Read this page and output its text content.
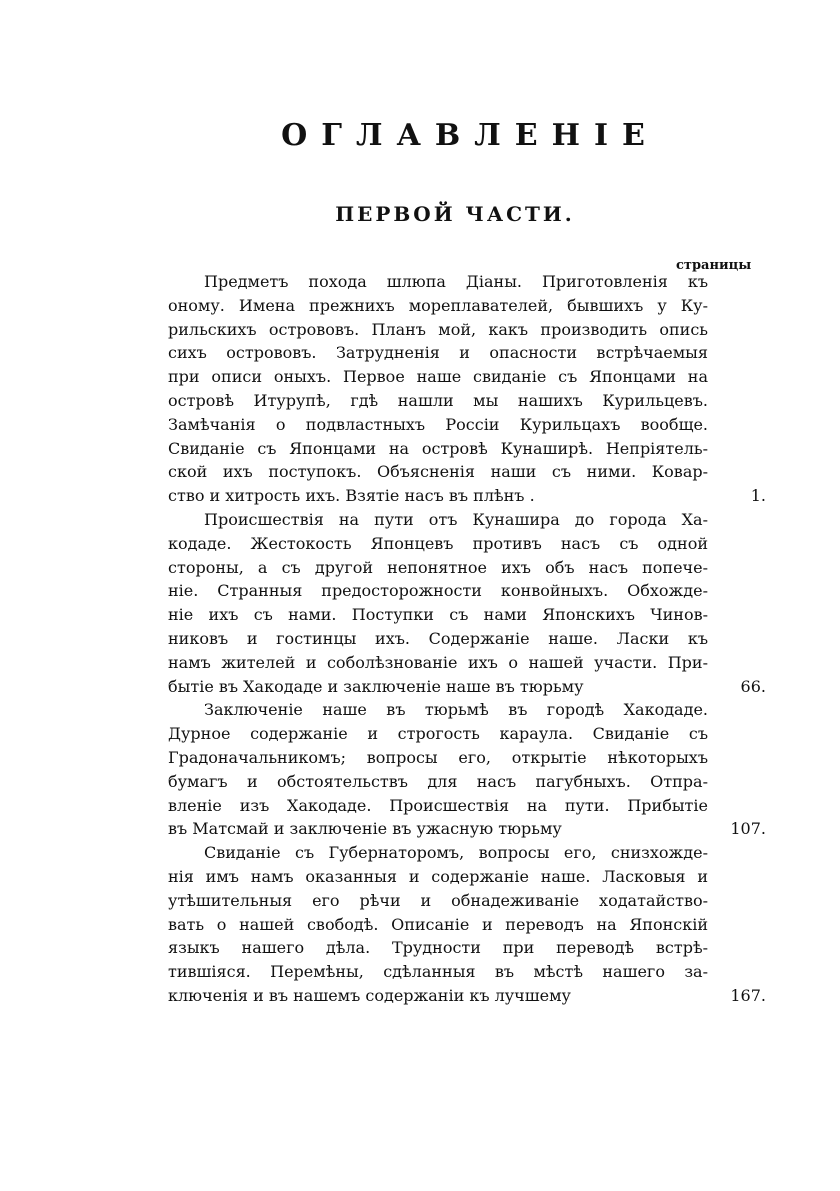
ОГЛАВЛЕНІЕ
ПЕРВОЙ ЧАСТИ.
страницы
Предметъ похода шлюпа Діаны. Приготовленія къ
оному. Имена прежнихъ мореплавателей, бывшихъ у Ку-
рильскихъ острововъ. Планъ мой, какъ производить опись
сихъ острововъ. Затрудненія и опасности встрѣчаемыя
при описи оныхъ. Первое наше свиданіе съ Японцами на
островѣ Итурупѣ, гдѣ нашли мы нашихъ Курильцевъ.
Замѣчанія о подвластныхъ Россіи Курильцахъ вообще.
Свиданіе съ Японцами на островѣ Кунаширѣ. Непріятель-
ской ихъ поступокъ. Объясненія наши съ ними. Ковар-
ство и хитрость ихъ. Взятіе насъ въ плѣнъ .	1.
Происшествія на пути отъ Кунашира до города Ха-
кодаде. Жестокость Японцевъ противъ насъ съ одной
стороны, а съ другой непонятное ихъ объ насъ попече-
ніе. Странныя предосторожности конвойныхъ. Обхожде-
ніе ихъ съ нами. Поступки съ нами Японскихъ Чинов-
никовъ и гостинцы ихъ. Содержаніе наше. Ласки къ
намъ жителей и соболѣзнованіе ихъ о нашей участи. При-
бытіе въ Хакодаде и заключеніе наше въ тюрьму	66.
Заключеніе наше въ тюрьмѣ въ городѣ Хакодаде.
Дурное содержаніе и строгость караула. Свиданіе съ
Градоначальникомъ; вопросы его, открытіе нѣкоторыхъ
бумагъ и обстоятельствъ для насъ пагубныхъ. Отпра-
вленіе изъ Хакодаде. Происшествія на пути. Прибытіе
въ Матсмай и заключеніе въ ужасную тюрьму	107.
Свиданіе съ Губернаторомъ, вопросы его, снизхожде-
нія имъ намъ оказанныя и содержаніе наше. Ласковыя и
утѣшительныя его рѣчи и обнадеживаніе ходатайство-
вать о нашей свободѣ. Описаніе и переводъ на Японскій
языкъ нашего дѣла. Трудности при переводѣ встрѣ-
тившіяся. Перемѣны, сдѣланныя въ мѣстѣ нашего за-
ключенія и въ нашемъ содержаніи къ лучшему	167.
